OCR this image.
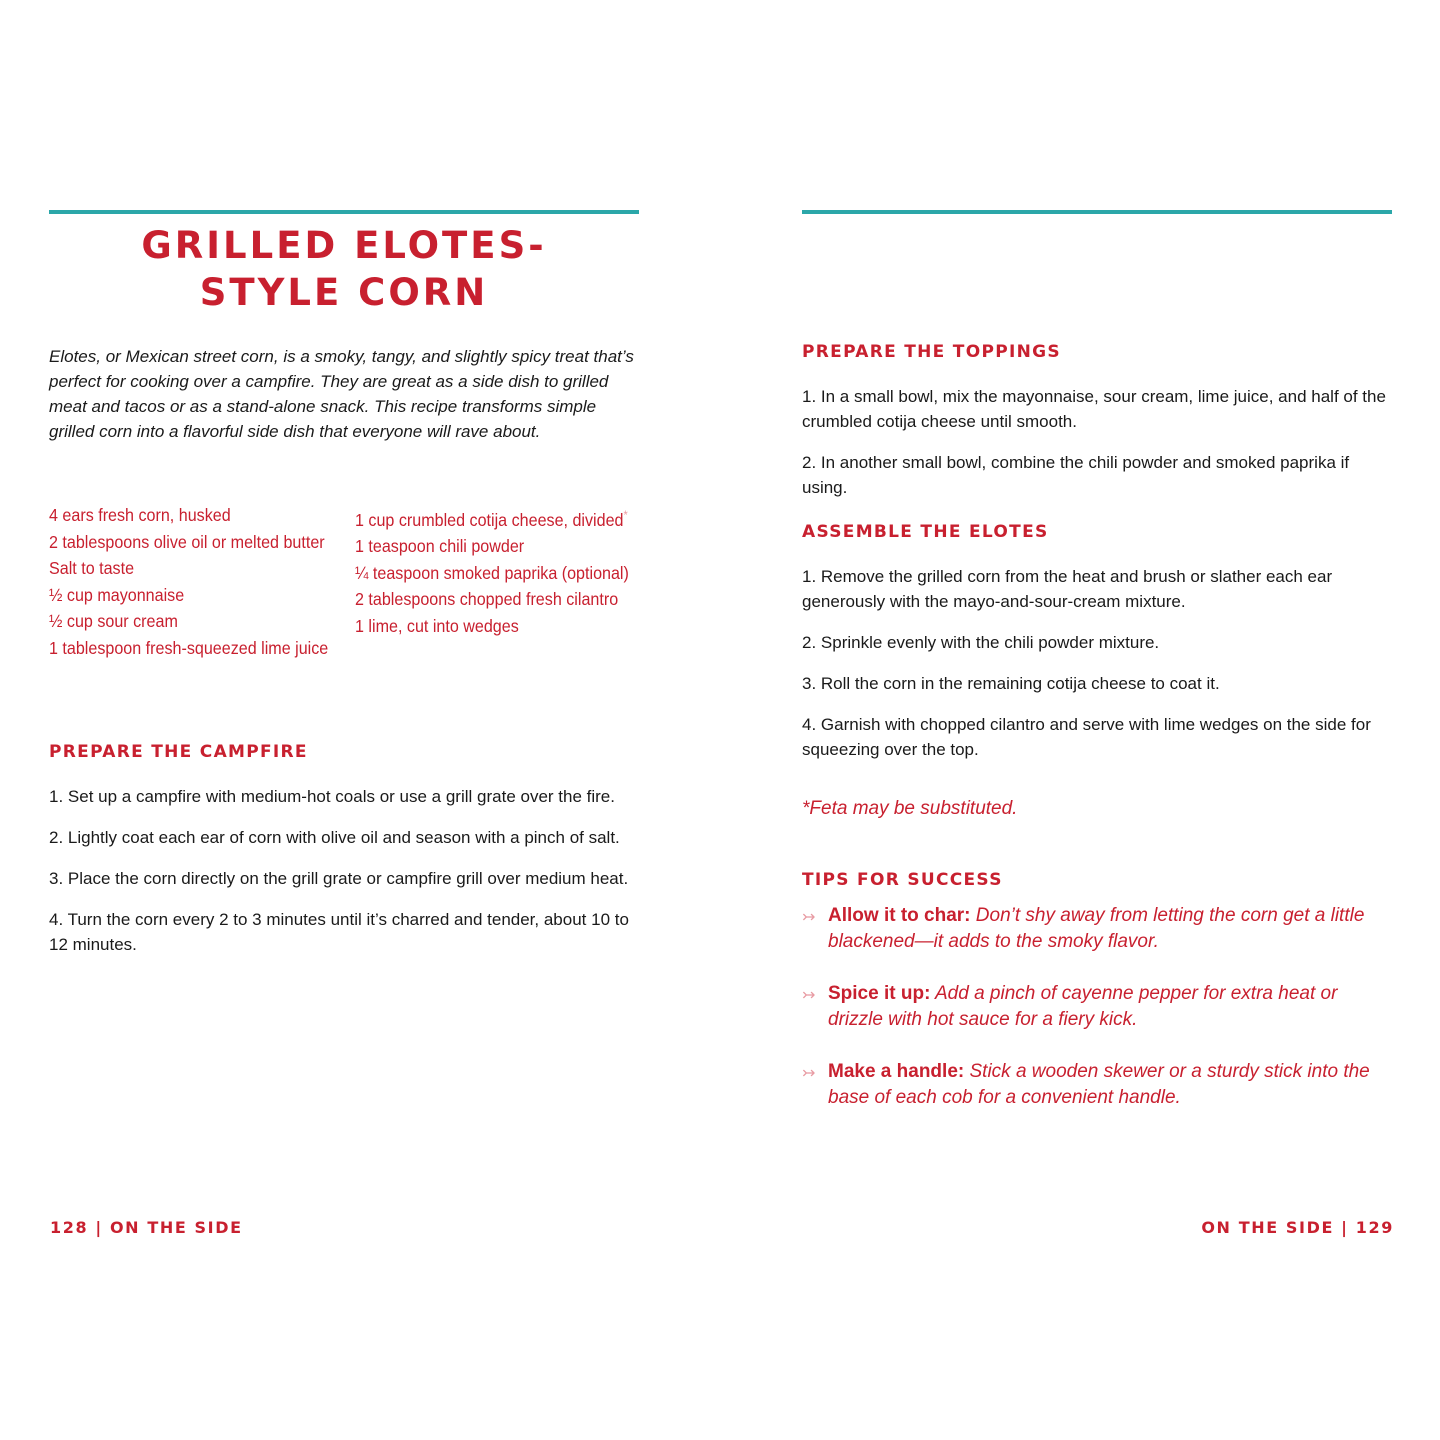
GRILLED ELOTES-
STYLE CORN

Elotes, or Mexican street corn, is a smoky, tangy, and slightly spicy treat that’s perfect for cooking over a campfire. They are great as a side dish to grilled meat and tacos or as a stand-alone snack. This recipe transforms simple grilled corn into a flavorful side dish that everyone will rave about.

4 ears fresh corn, husked
2 tablespoons olive oil or melted butter
Salt to taste
½ cup mayonnaise
½ cup sour cream
1 tablespoon fresh-squeezed lime juice
1 cup crumbled cotija cheese, divided*
1 teaspoon chili powder
¼ teaspoon smoked paprika (optional)
2 tablespoons chopped fresh cilantro
1 lime, cut into wedges
PREPARE THE CAMPFIRE
1. Set up a campfire with medium-hot coals or use a grill grate over the fire.
2. Lightly coat each ear of corn with olive oil and season with a pinch of salt.
3. Place the corn directly on the grill grate or campfire grill over medium heat.
4. Turn the corn every 2 to 3 minutes until it’s charred and tender, about 10 to 12 minutes.

128 | ON THE SIDE

PREPARE THE TOPPINGS
1. In a small bowl, mix the mayonnaise, sour cream, lime juice, and half of the crumbled cotija cheese until smooth.
2. In another small bowl, combine the chili powder and smoked paprika if using.
ASSEMBLE THE ELOTES
1. Remove the grilled corn from the heat and brush or slather each ear generously with the mayo-and-sour-cream mixture.
2. Sprinkle evenly with the chili powder mixture.
3. Roll the corn in the remaining cotija cheese to coat it.
4. Garnish with chopped cilantro and serve with lime wedges on the side for squeezing over the top.

*Feta may be substituted.

TIPS FOR SUCCESS
↣ Allow it to char: Don’t shy away from letting the corn get a little blackened—it adds to the smoky flavor.
↣ Spice it up: Add a pinch of cayenne pepper for extra heat or drizzle with hot sauce for a fiery kick.
↣ Make a handle: Stick a wooden skewer or a sturdy stick into the base of each cob for a convenient handle.

ON THE SIDE | 129
